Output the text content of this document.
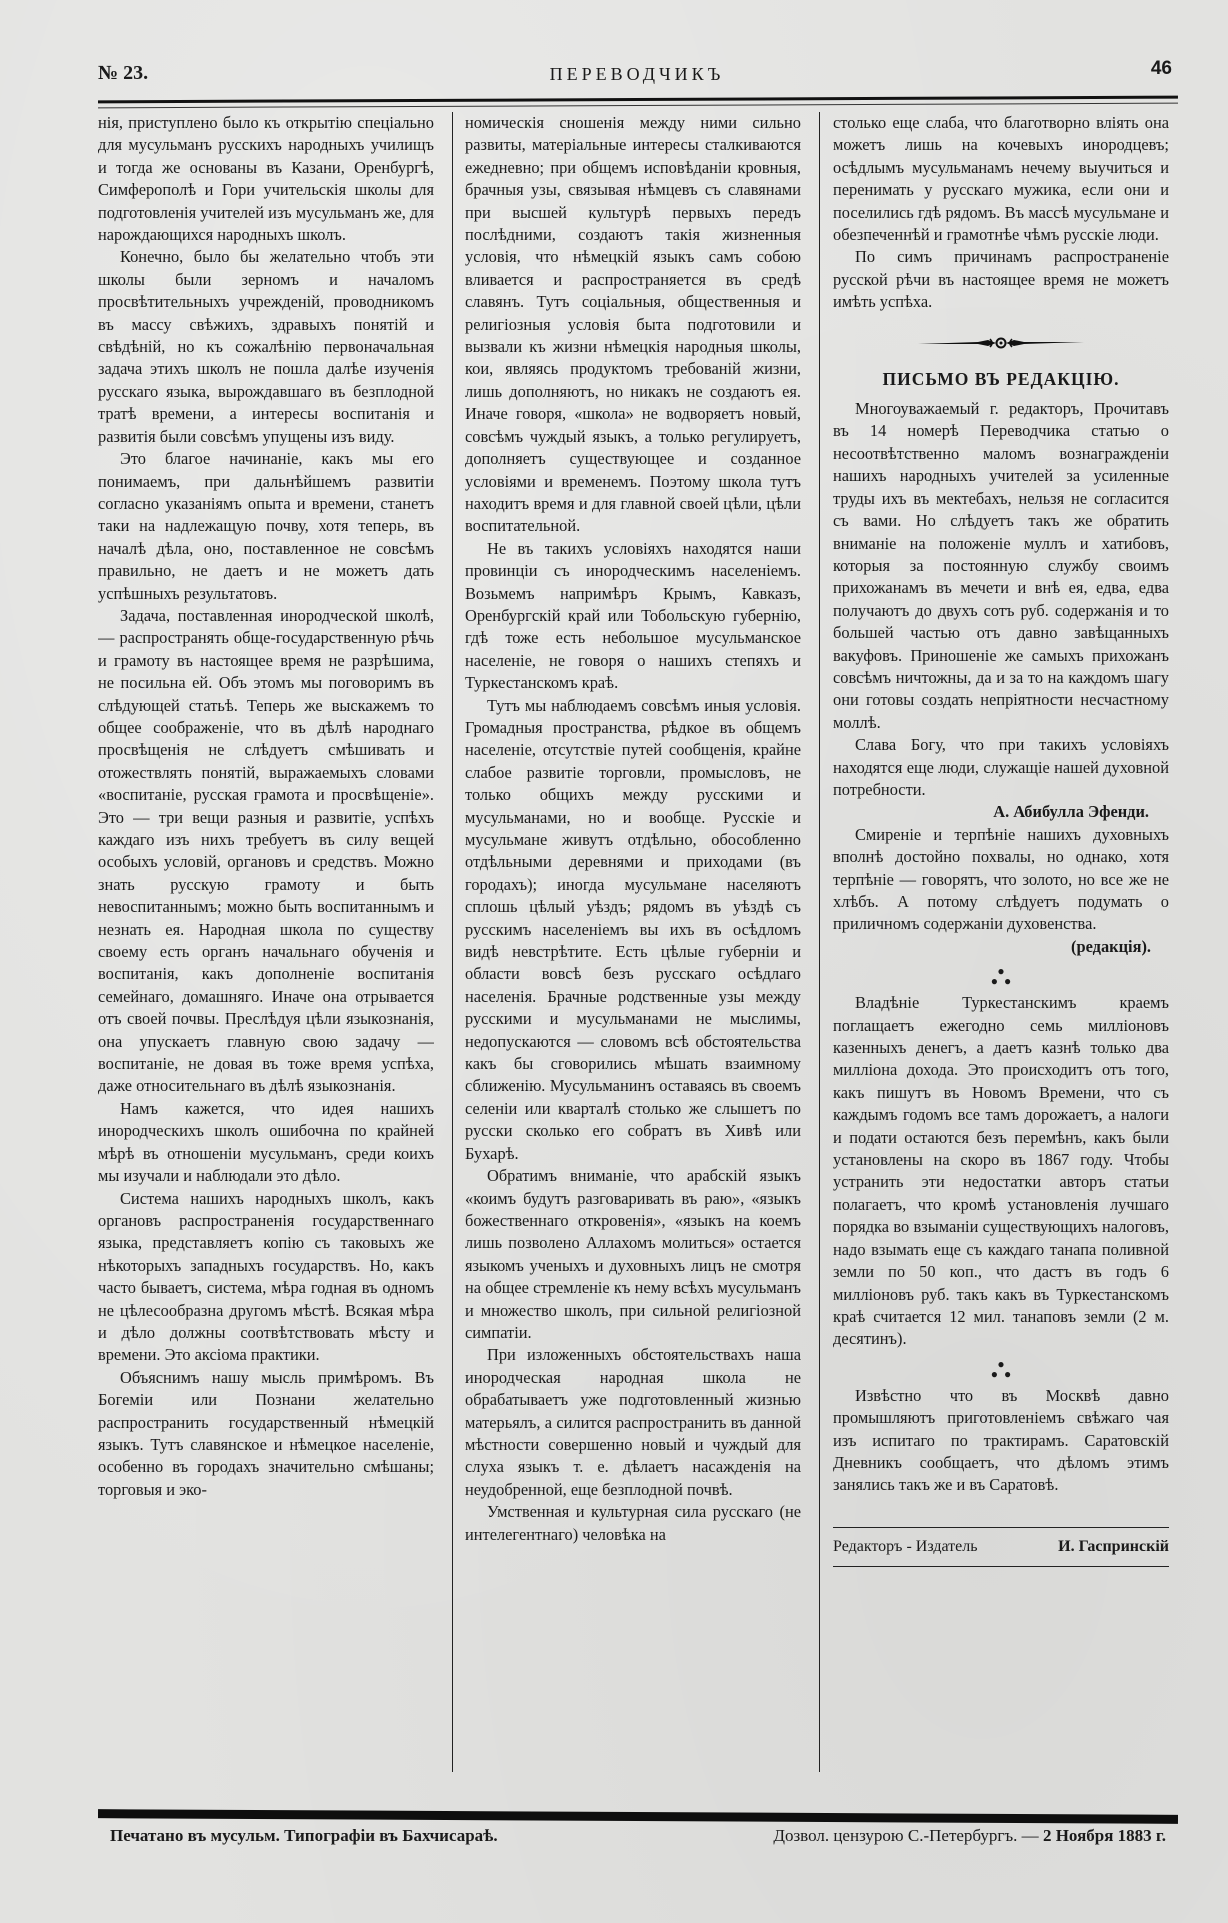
№ 23.	ПЕРЕВОДЧИКЪ	46

нія, приступлено было къ открытію спеціально для мусульманъ русскихъ народныхъ училищъ и тогда же основаны въ Казани, Оренбургѣ, Симферополѣ и Гори учительскія школы для подготовленія учителей изъ мусульманъ же, для нарождающихся народныхъ школъ.

Конечно, было бы желательно чтобъ эти школы были зерномъ и началомъ просвѣтительныхъ учрежденій, проводникомъ въ массу свѣжихъ, здравыхъ понятій и свѣдѣній, но къ сожалѣнію первоначальная задача этихъ школъ не пошла далѣе изученія русскаго языка, вырождавшаго въ безплодной тратѣ времени, а интересы воспитанія и развитія были совсѣмъ упущены изъ виду.

Это благое начинаніе, какъ мы его понимаемъ, при дальнѣйшемъ развитіи согласно указаніямъ опыта и времени, станетъ таки на надлежащую почву, хотя теперь, въ началѣ дѣла, оно, поставленное не совсѣмъ правильно, не даетъ и не можетъ дать успѣшныхъ результатовъ.

Задача, поставленная инородческой школѣ, — распространять обще-государственную рѣчь и грамоту въ настоящее время не разрѣшима, не посильна ей. Объ этомъ мы поговоримъ въ слѣдующей статьѣ. Теперь же выскажемъ то общее соображеніе, что въ дѣлѣ народнаго просвѣщенія не слѣдуетъ смѣшивать и отожествлять понятій, выражаемыхъ словами «воспитаніе, русская грамота и просвѣщеніе». Это — три вещи разныя и развитіе, успѣхъ каждаго изъ нихъ требуетъ въ силу вещей особыхъ условій, органовъ и средствъ. Можно знать русскую грамоту и быть невоспитаннымъ; можно быть воспитаннымъ и незнать ея. Народная школа по существу своему есть органъ начальнаго обученія и воспитанія, какъ дополненіе воспитанія семейнаго, домашняго. Иначе она отрывается отъ своей почвы. Преслѣдуя цѣли языкознанія, она упускаетъ главную свою задачу — воспитаніе, не довая въ тоже время успѣха, даже относительнаго въ дѣлѣ языкознанія.

Намъ кажется, что идея нашихъ инородческихъ школъ ошибочна по крайней мѣрѣ въ отношеніи мусульманъ, среди коихъ мы изучали и наблюдали это дѣло.

Система нашихъ народныхъ школъ, какъ органовъ распространенія государственнаго языка, представляетъ копію съ таковыхъ же нѣкоторыхъ западныхъ государствъ. Но, какъ часто бываетъ, система, мѣра годная въ одномъ не цѣлесообразна другомъ мѣстѣ. Всякая мѣра и дѣло должны соотвѣтствовать мѣсту и времени. Это аксіома практики.

Объяснимъ нашу мысль примѣромъ. Въ Богеміи или Познани желательно распространить государственный нѣмецкій языкъ. Тутъ славянское и нѣмецкое населеніе, особенно въ городахъ значительно смѣшаны; торговыя и эко-

номическія сношенія между ними сильно развиты, матеріальные интересы сталкиваются ежедневно; при общемъ исповѣданіи кровныя, брачныя узы, связывая нѣмцевъ съ славянами при высшей культурѣ первыхъ передъ послѣдними, создаютъ такія жизненныя условія, что нѣмецкій языкъ самъ собою вливается и распространяется въ средѣ славянъ. Тутъ соціальныя, общественныя и религіозныя условія быта подготовили и вызвали къ жизни нѣмецкія народныя школы, кои, являясь продуктомъ требованій жизни, лишь дополняютъ, но никакъ не создаютъ ея. Иначе говоря, «школа» не водворяетъ новый, совсѣмъ чуждый языкъ, а только регулируетъ, дополняетъ существующее и созданное условіями и временемъ. Поэтому школа тутъ находитъ время и для главной своей цѣли, цѣли воспитательной.

Не въ такихъ условіяхъ находятся наши провинціи съ инородческимъ населеніемъ. Возьмемъ напримѣръ Крымъ, Кавказъ, Оренбургскій край или Тобольскую губернію, гдѣ тоже есть небольшое мусульманское населеніе, не говоря о нашихъ степяхъ и Туркестанскомъ краѣ.

Тутъ мы наблюдаемъ совсѣмъ иныя условія. Громадныя пространства, рѣдкое въ общемъ населеніе, отсутствіе путей сообщенія, крайне слабое развитіе торговли, промысловъ, не только общихъ между русскими и мусульманами, но и вообще. Русскіе и мусульмане живутъ отдѣльно, обособленно отдѣльными деревнями и приходами (въ городахъ); иногда мусульмане населяютъ сплошь цѣлый уѣздъ; рядомъ въ уѣздѣ съ русскимъ населеніемъ вы ихъ въ осѣдломъ видѣ невстрѣтите. Есть цѣлые губерніи и области вовсѣ безъ русскаго осѣдлаго населенія. Брачные родственные узы между русскими и мусульманами не мыслимы, недопускаются — словомъ всѣ обстоятельства какъ бы сговорились мѣшать взаимному сближенію. Мусульманинъ оставаясь въ своемъ селеніи или кварталѣ столько же слышетъ по русски сколько его собратъ въ Хивѣ или Бухарѣ.

Обратимъ вниманіе, что арабскій языкъ «коимъ будутъ разговаривать въ раю», «языкъ божественнаго откровенія», «языкъ на коемъ лишь позволено Аллахомъ молиться» остается языкомъ ученыхъ и духовныхъ лицъ не смотря на общее стремленіе къ нему всѣхъ мусульманъ и множество школъ, при сильной религіозной симпатіи.

При изложенныхъ обстоятельствахъ наша инородческая народная школа не обрабатываетъ уже подготовленный жизнью матерьялъ, а силится распространить въ данной мѣстности совершенно новый и чуждый для слуха языкъ т. е. дѣлаетъ насажденія на неудобренной, еще безплодной почвѣ.

Умственная и культурная сила русскаго (не интелегентнаго) человѣка на

столько еще слаба, что благотворно вліять она можетъ лишь на кочевыхъ инородцевъ; осѣдлымъ мусульманамъ нечему выучиться и перенимать у русскаго мужика, если они и поселились гдѣ рядомъ. Въ массѣ мусульмане и обезпеченнѣй и грамотнѣе чѣмъ русскіе люди.

По симъ причинамъ распространеніе русской рѣчи въ настоящее время не можетъ имѣть успѣха.

ПИСЬМО ВЪ РЕДАКЦІЮ.

Многоуважаемый г. редакторъ, Прочитавъ въ 14 номерѣ Переводчика статью о несоотвѣтственно маломъ вознагражденіи нашихъ народныхъ учителей за усиленные труды ихъ въ мектебахъ, нельзя не согласится съ вами. Но слѣдуетъ такъ же обратить вниманіе на положеніе муллъ и хатибовъ, которыя за постоянную службу своимъ прихожанамъ въ мечети и внѣ ея, едва, едва получаютъ до двухъ сотъ руб. содержанія и то большей частью отъ давно завѣщанныхъ вакуфовъ. Приношеніе же самыхъ прихожанъ совсѣмъ ничтожны, да и за то на каждомъ шагу они готовы создать непріятности несчастному моллѣ.

Слава Богу, что при такихъ условіяхъ находятся еще люди, служащіе нашей духовной потребности.

А. Абибулла Эфенди.

Смиреніе и терпѣніе нашихъ духовныхъ вполнѣ достойно похвалы, но однако, хотя терпѣніе — говорятъ, что золото, но все же не хлѣбъ. А потому слѣдуетъ подумать о приличномъ содержаніи духовенства.

(редакція).

●
●  ●

Владѣніе Туркестанскимъ краемъ поглащаетъ ежегодно семь милліоновъ казенныхъ денегъ, а даетъ казнѣ только два милліона дохода. Это происходитъ отъ того, какъ пишутъ въ Новомъ Времени, что съ каждымъ годомъ все тамъ дорожаетъ, а налоги и подати остаются безъ перемѣнъ, какъ были установлены на скоро въ 1867 году. Чтобы устранить эти недостатки авторъ статьи полагаетъ, что кромѣ установленія лучшаго порядка во взыманіи существующихъ налоговъ, надо взымать еще съ каждаго танапа поливной земли по 50 коп., что дастъ въ годъ 6 милліоновъ руб. такъ какъ въ Туркестанскомъ краѣ считается 12 мил. танаповъ земли (2 м. десятинъ).

●
●  ●

Извѣстно что въ Москвѣ давно промышляютъ приготовленіемъ свѣжаго чая изъ испитаго по трактирамъ. Саратовскій Дневникъ сообщаетъ, что дѣломъ этимъ занялись такъ же и въ Саратовѣ.

Редакторъ - Издатель	И. Гаспринскій
Печатано въ мусульм. Типографіи въ Бахчисараѣ.	Дозвол. цензурою С.-Петербургъ. — 2 Ноября 1883 г.
